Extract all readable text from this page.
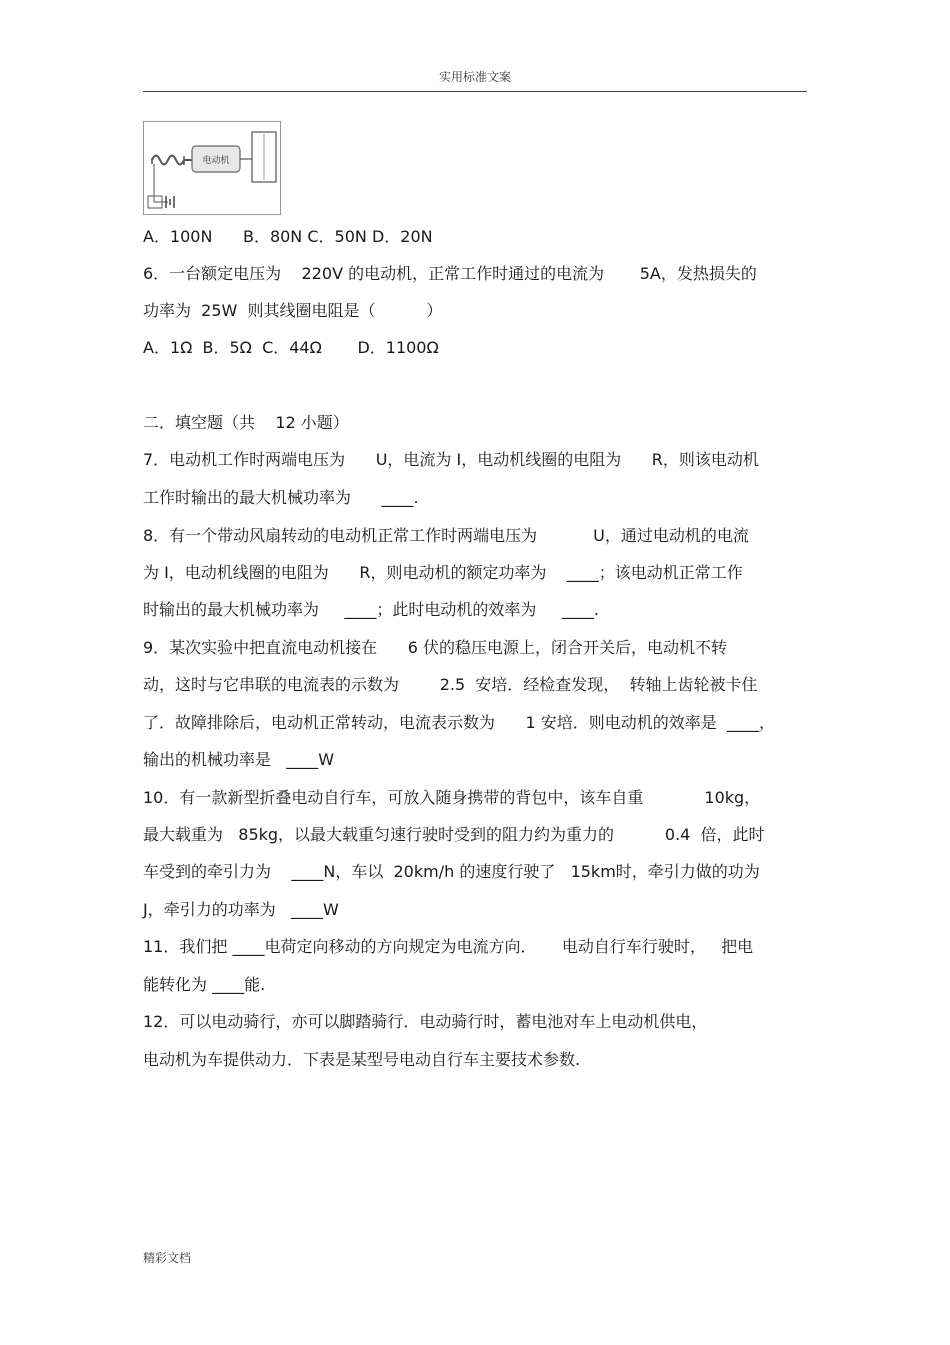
实用标准文案
电动机
A．100N      B．80N C．50N D．20N
6．一台额定电压为    220V 的电动机，正常工作时通过的电流为       5A，发热损失的
功率为  25W  则其线圈电阻是（          ）
A．1Ω  B．5Ω  C．44Ω       D．1100Ω
二．填空题（共    12 小题）
7．电动机工作时两端电压为      U，电流为 I，电动机线圈的电阻为      R，则该电动机
工作时输出的最大机械功率为      ____.
8．有一个带动风扇转动的电动机正常工作时两端电压为           U，通过电动机的电流
为 I，电动机线圈的电阻为      R，则电动机的额定功率为    ____；该电动机正常工作
时输出的最大机械功率为     ____；此时电动机的效率为     ____.
9．某次实验中把直流电动机接在      6 伏的稳压电源上，闭合开关后，电动机不转
动，这时与它串联的电流表的示数为        2.5  安培．经检查发现，  转轴上齿轮被卡住
了．故障排除后，电动机正常转动，电流表示数为      1 安培．则电动机的效率是  ____，
输出的机械功率是   ____W
10．有一款新型折叠电动自行车，可放入随身携带的背包中，该车自重            10kg，
最大载重为   85kg，以最大载重匀速行驶时受到的阻力约为重力的          0.4  倍，此时
车受到的牵引力为    ____N，车以  20km/h 的速度行驶了   15km时，牵引力做的功为
J，牵引力的功率为   ____W
11．我们把 ____电荷定向移动的方向规定为电流方向．     电动自行车行驶时，   把电
能转化为 ____能.
12．可以电动骑行，亦可以脚踏骑行．电动骑行时，蓄电池对车上电动机供电，
电动机为车提供动力．下表是某型号电动自行车主要技术参数.
精彩文档
